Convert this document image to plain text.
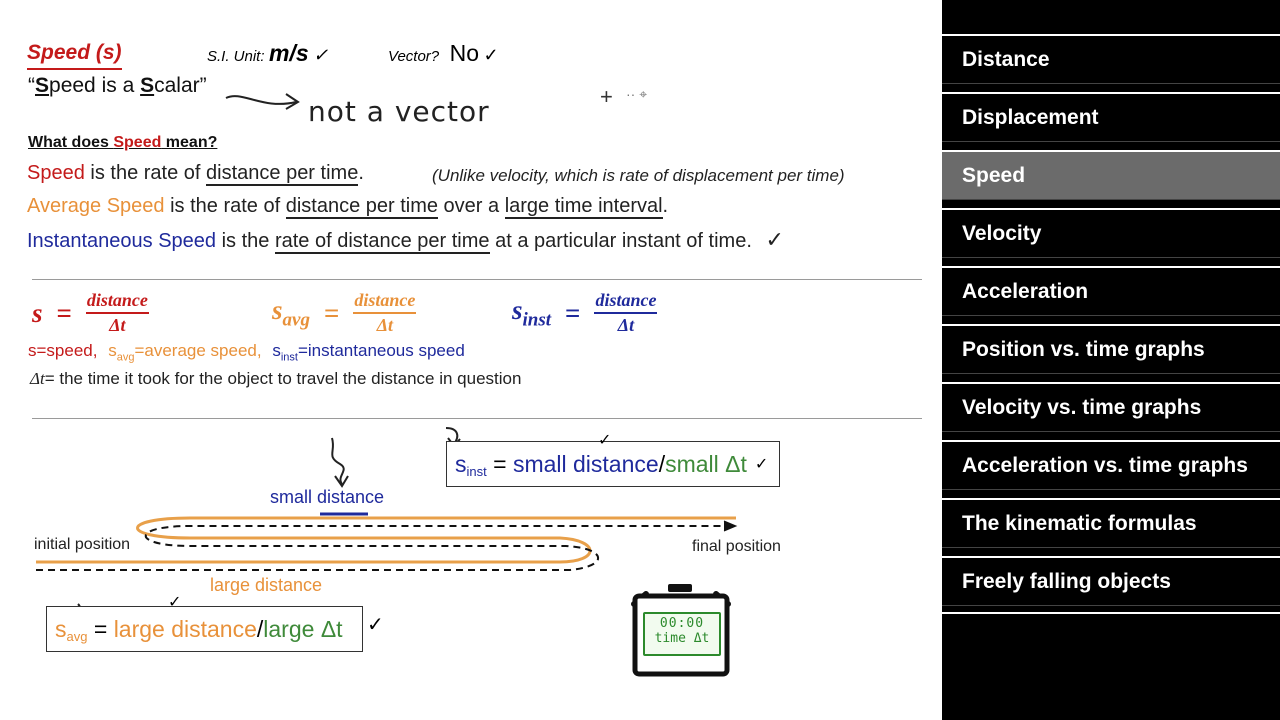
Speed (s)	S.I. Unit: m/s ✓	Vector? No ✓
“Speed is a Scalar”
not a vector	+ ·· ⌖
What does Speed mean?
Speed is the rate of distance per time.	(Unlike velocity, which is rate of displacement per time)
Average Speed is the rate of distance per time over a large time interval.
Instantaneous Speed is the rate of distance per time at a particular instant of time. ✓
$s = \frac{\text{distance}}{\Delta t}$	$s_{avg} = \frac{\text{distance}}{\Delta t}$	$s_{inst} = \frac{\text{distance}}{\Delta t}$
s=speed, $s_{avg}=average$ speed, $s_{inst}=instantaneous$ speed
Δt= the time it took for the object to travel the distance in question
small distance
initial position	final position
large distance
$s_{inst}$ = small distance / small Δt ✓
✓
$s_{avg}$ = large distance / large Δt ✓
✓
00:00
time Δt
Distance
Displacement
Speed
Velocity
Acceleration
Position vs. time graphs
Velocity vs. time graphs
Acceleration vs. time graphs
The kinematic formulas
Freely falling objects
